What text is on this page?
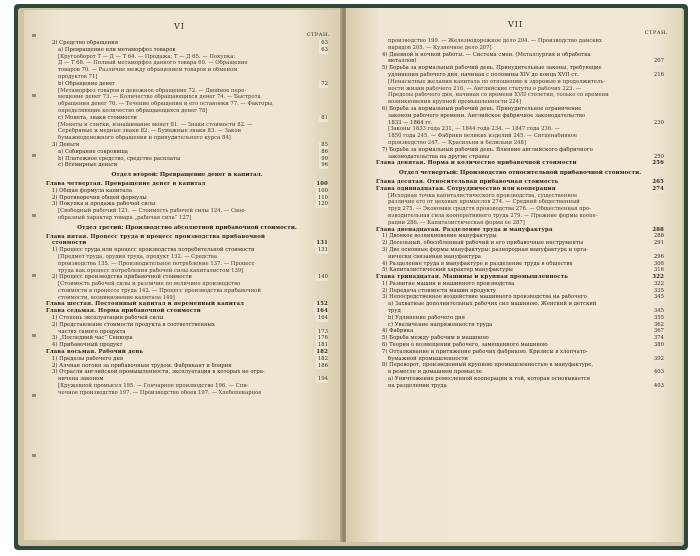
VI
СТРАН.
2) Средство обращения	63
а) Превращение или метаморфоз товаров	63
[Кругооборот Т — Д — Т 64. — Продажа: Т — Д 65. — Покупка:
Д — Т 68. — Полный метаморфоз данного товара 69. — Обращение
товаров 70. — Различие между обращением товаров и обменом
продуктов 71]
b) Обращение денег	72
[Метаморфоз товаров и денежное обращение 72. — Двойное пере-
мещение денег 73. — Количество обращающихся денег 74. — Быстрота
обращения денег 76. — Течение обращения и его остановки 77. — Факторы,
определяющие количество обращающихся денег 78]
с) Монета, знаки стоимости	81
[Монеты и слитки, изнашивание монет 81. — Знаки стоимости 82. —
Серебряные и медные знаки 82. — Бумажные знаки 83. — Закон
бумажноденежного обращения и принудительного курса 84]
3) Деньги	85
а) Собирание сокровища	86
b) Платежное средство, средство расплаты	90
с) Всемирные деньги	96
Отдел второй: Превращение денег в капитал.
Глава четвертая. Превращение денег в капитал	100
1) Общая формула капитала	100
2) Противоречия общей формулы	110
3) Покупка и продажа рабочей силы	120
[Свободный рабочий 121. — Стоимость рабочей силы 124. — Свое-
образный характер товара „рабочая сила“ 127]
Отдел третий: Производство абсолютной прибавочной стоимости.
Глава пятая. Процесс труда и процесс производства прибавочной
стоимости	131
1) Процесс труда или процесс производства потребительной стоимости	131
[Предмет труда, орудия труда, продукт 132. — Средства
производства 135. — Производительное потребление 137. — Процесс
труда как процесс потребления рабочей силы капиталистом 139]
2) Процесс производства прибавочной стоимости	140
[Стоимость рабочей силы и различие по величине производство
стоимости в процессе труда 142. — Процесс производства прибавочной
стоимости, возникновение капитала 149]
Глава шестая. Постоянный капитал и переменный капитал	152
Глава седьмая. Норма прибавочной стоимости	164
1) Степень эксплуатации рабочей силы	164
2) Представление стоимости продукта в соответственных
частях самого продукта	173
3) „Последний час“ Сениора	176
4) Прибавочный продукт	181
Глава восьмая. Рабочий день	182
1) Пределы рабочего дня	182
2) Алчная погоня за прибавочным трудом. Фабрикант и боярин	186
3) Отрасли английской промышленности, эксплуатация в которых не огра-
ничена законом	194
[Кружевной промысел 195. — Гончарное производство 196. — Спи-
чечное производство 197. — Производство обоев 197. — Хлебопекарное
VII
СТРАН.
производство 199. — Железнодорожное дело 204. — Производство дамских
нарядов 205. — Кузнечное дело 207]
4) Дневной и ночной работы. — Система смен. (Металлургия и обработка
металлов)	207
5) Борьба за нормальный рабочий день. Принудительные законы, требующие
удлинения рабочего дня, начиная с половины XIV до конца XVII ст.	216
[Ненасытные желания капитала по отношению к здоровью и продолжитель-
ности жизни рабочего 216. — Английские статуты о рабочих 223. —
Пределы рабочего дня, начиная со времени XVII столетия, только со времени
возникновения крупной промышленности 224]
6) Борьба за нормальный рабочий день. Принудительное ограничение
законом рабочего времени. Английское фабричное законодательство
1833 — 1864 гг.	230
[Законы 1833 года 231, — 1844 года 234. — 1847 года 236. —
1850 года 245. — Фабрики великих изделий 245. — Ситценабивное
производство 247. — Красильни и белильни 248]
7) Борьба за нормальный рабочий день. Влияние английского фабричного
законодательства на другие страны	250
Глава девятая. Норма и количество прибавочной стоимости	256
Отдел четвертый: Производство относительной прибавочной стоимости.
Глава десятая. Относительная прибавочная стоимость	265
Глава одиннадцатая. Сотрудничество или кооперация	274
[Исходная точка капиталистического производства, существенное
различие его от цеховых промыслов 274. — Средний общественный
труд 275. — Экономия средств производства 276. — Общественная про-
изводительная сила кооперативного труда 279. — Прежние формы коопе-
рации 286. — Капиталистическая форма ее 287]
Глава двенадцатая. Разделение труда и мануфактура	288
1) Двоякое возникновение мануфактуры	288
2) Десельный, обособленный рабочий и его прибавочные инструменты	291
3) Две основные формы мануфактуры: разнородная мануфактура и орга-
нически связанная мануфактура	296
4) Разделение труда в мануфактуре и разделение труда в обществе	308
5) Капиталистический характер мануфактуры	316
Глава тринадцатая. Машины и крупная промышленность	322
1) Развитие машин и машинного производства	322
2) Передача стоимости машин продукту	335
3) Непосредственное воздействие машинного производства на рабочего	345
а) Захватные дополнительных рабочих сил машиною. Женский и детский
труд	345
b) Удлинение рабочего дня	355
с) Увеличение напряженности труда	362
4) Фабрика	367
5) Борьба между рабочим и машиною	374
6) Теория о возмещении рабочего, замещенного машиною	380
7) Отталкивание и притяжение рабочих фабрикою. Кризисы в хлопчато-
бумажной промышленности	392
8) Переворот, произведенный крупною промышленностью в мануфактуре,
в ремесле и домашнем промысле	403
а) Уничтожение ремесленной кооперации и той, которая основывается
на разделении труда	403
